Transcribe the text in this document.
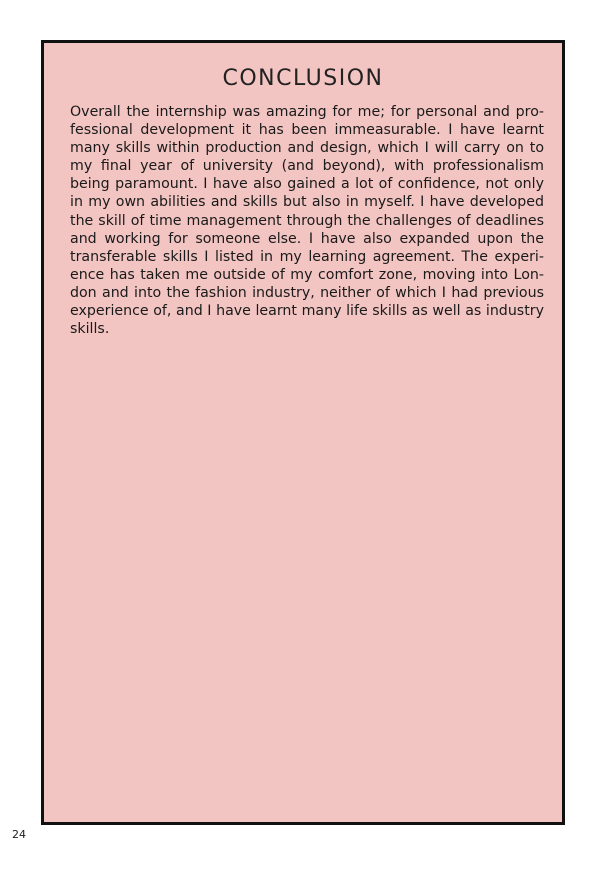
CONCLUSION

Overall the internship was amazing for me; for personal and professional development it has been immeasurable. I have learnt many skills within production and design, which I will carry on to my final year of university (and beyond), with professionalism being paramount. I have also gained a lot of confidence, not only in my own abilities and skills but also in myself. I have developed the skill of time management through the challenges of deadlines and working for someone else. I have also expanded upon the transferable skills I listed in my learning agreement. The experience has taken me outside of my comfort zone, moving into London and into the fashion industry, neither of which I had previous experience of, and I have learnt many life skills as well as industry skills.

24
